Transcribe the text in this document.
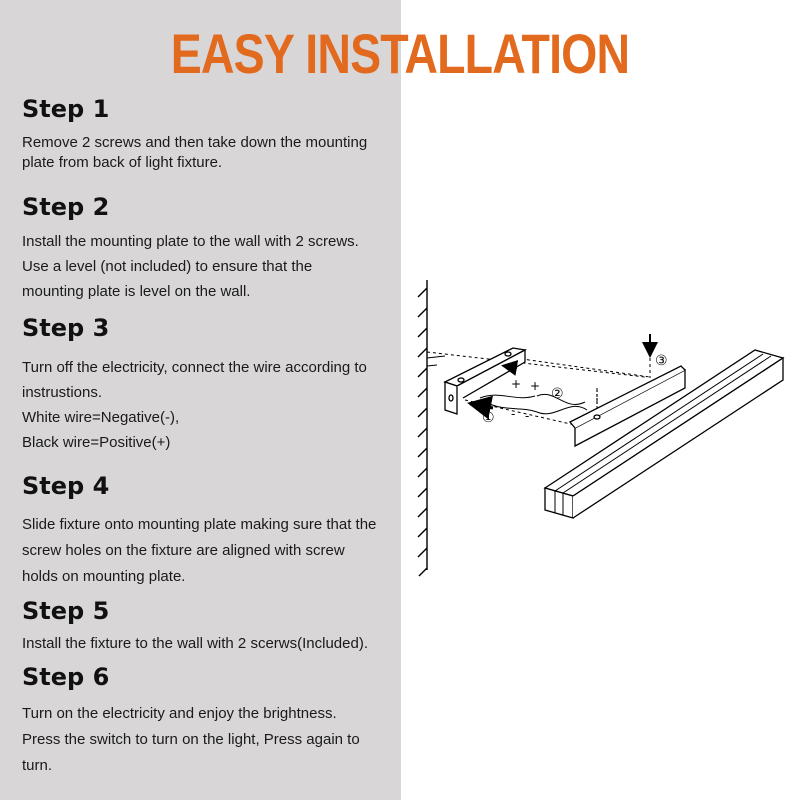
EASY INSTALLATION
Step 1

Remove 2 screws and then take down the mounting

plate from back of light fixture.

Step 2

Install the mounting plate to the wall with 2 screws.

Use a level (not included) to ensure that the

mounting plate is level on the wall.

Step 3

Turn off the electricity, connect the wire according to

instrustions.

White wire=Negative(-),

Black wire=Positive(+)

Step 4

Slide fixture onto mounting plate making sure that the

screw holes on the fixture are aligned with screw

holds on mounting plate.

Step 5

Install the fixture to the wall with 2 scerws(Included).

Step 6

Turn on the electricity and enjoy the brightness.

Press the switch to turn on the light, Press again to

turn.

①
②
③
+ +
- -
